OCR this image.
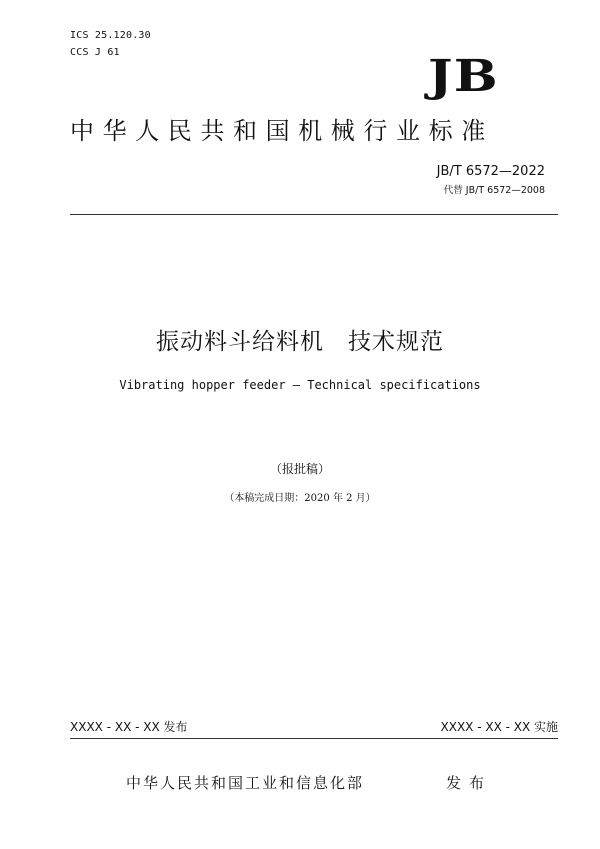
ICS 25.120.30
CCS J 61	JB
中华人民共和国机械行业标准
JB/T 6572—2022
代替 JB/T 6572—2008
振动料斗给料机　技术规范
Vibrating hopper feeder — Technical specifications
（报批稿）
（本稿完成日期：2020 年 2 月）
XXXX - XX - XX 发布	XXXX - XX - XX 实施
中华人民共和国工业和信息化部	发布
